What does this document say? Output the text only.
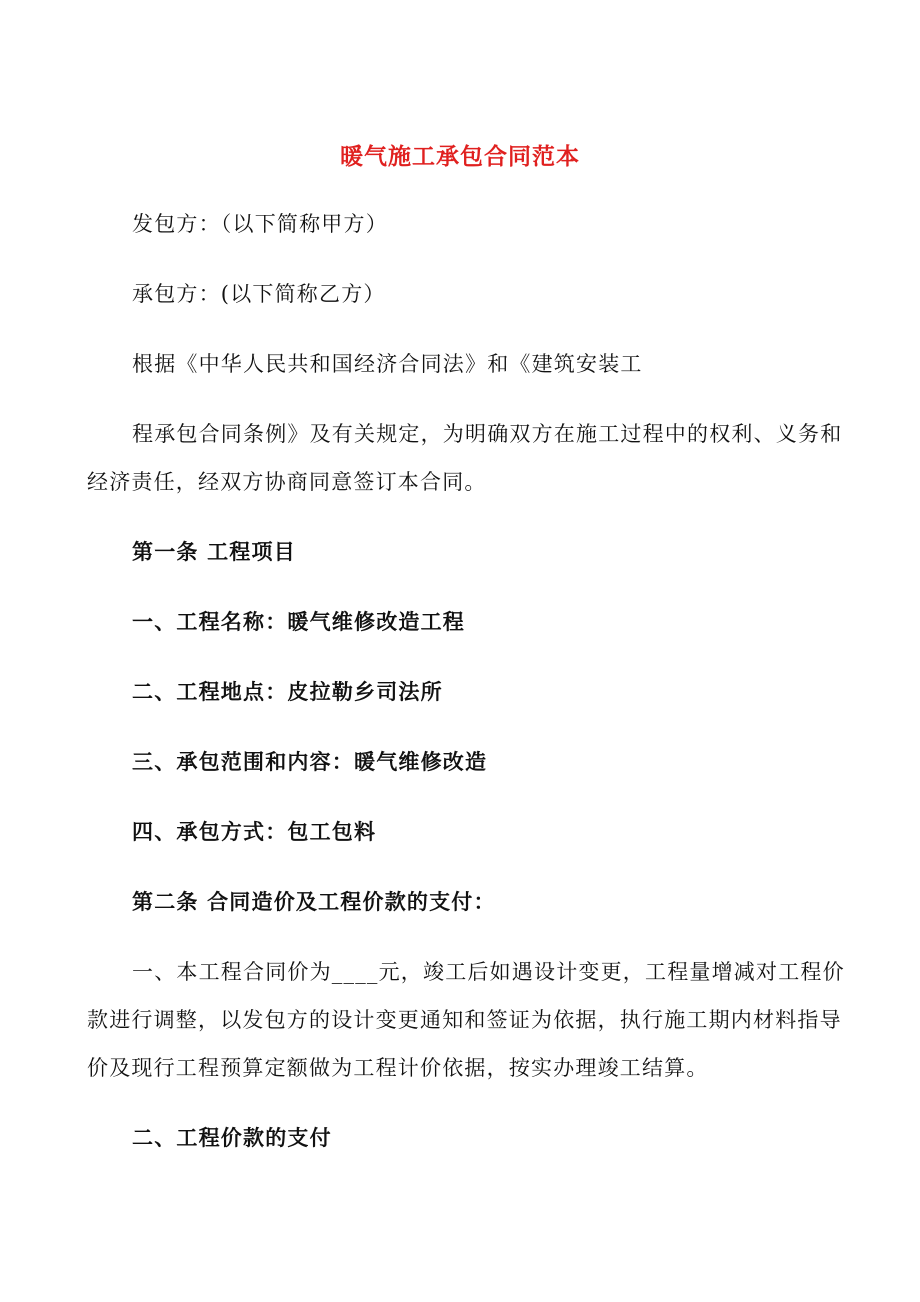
暖气施工承包合同范本
发包方：（以下简称甲方）
承包方：(以下简称乙方）
根据《中华人民共和国经济合同法》和《建筑安装工
程承包合同条例》及有关规定，为明确双方在施工过程中的权利、义务和
经济责任，经双方协商同意签订本合同。
第一条 工程项目
一、工程名称：暖气维修改造工程
二、工程地点：皮拉勒乡司法所
三、承包范围和内容：暖气维修改造
四、承包方式：包工包料
第二条 合同造价及工程价款的支付：
一、本工程合同价为____元，竣工后如遇设计变更，工程量增减对工程价
款进行调整，以发包方的设计变更通知和签证为依据，执行施工期内材料指导
价及现行工程预算定额做为工程计价依据，按实办理竣工结算。
二、工程价款的支付
